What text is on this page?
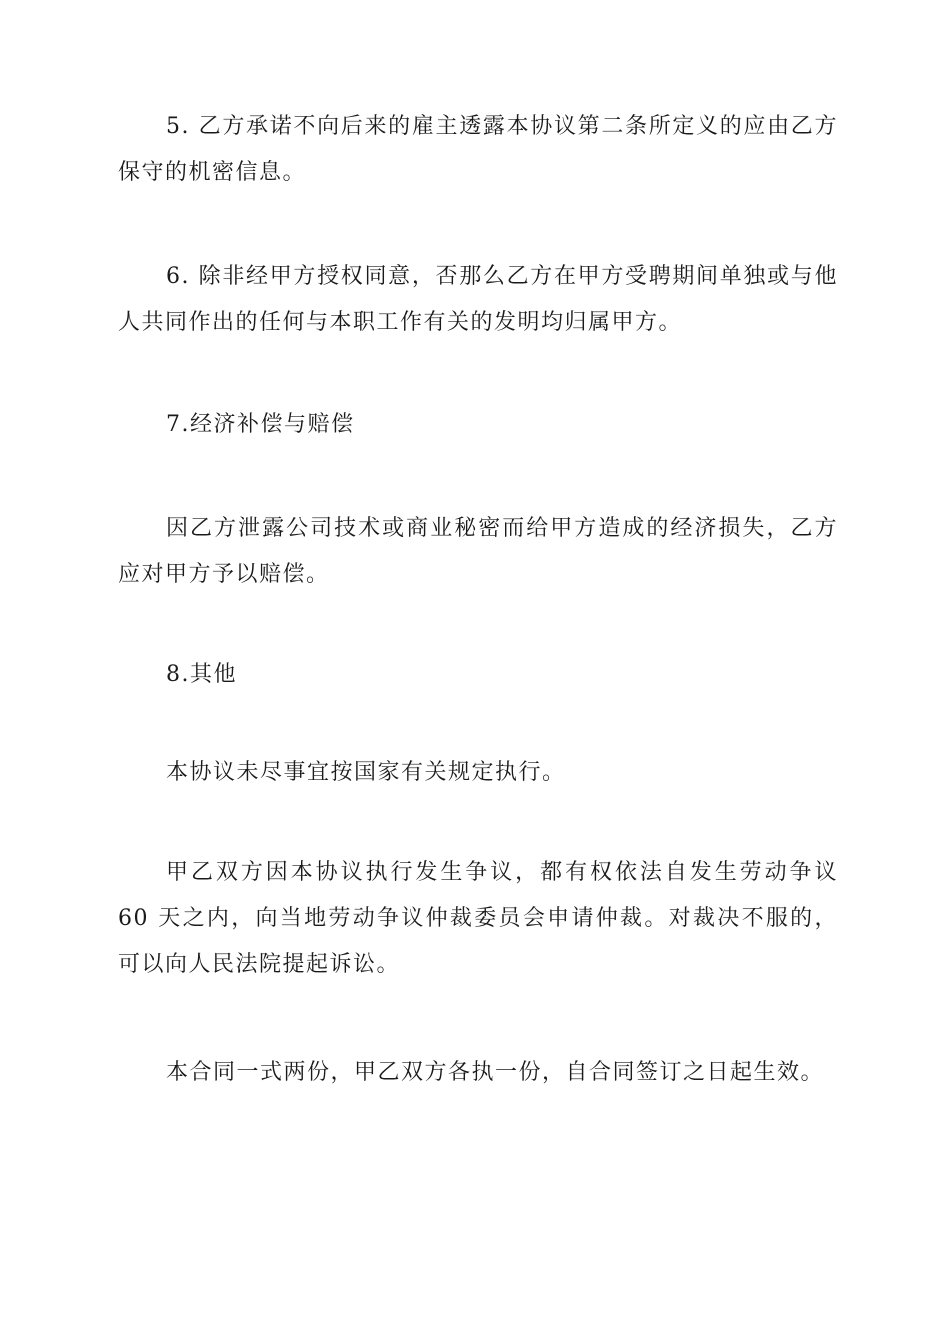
5. 乙方承诺不向后来的雇主透露本协议第二条所定义的应由乙方保守的机密信息。

6. 除非经甲方授权同意，否那么乙方在甲方受聘期间单独或与他人共同作出的任何与本职工作有关的发明均归属甲方。

7.经济补偿与赔偿

因乙方泄露公司技术或商业秘密而给甲方造成的经济损失，乙方应对甲方予以赔偿。

8.其他

本协议未尽事宜按国家有关规定执行。

甲乙双方因本协议执行发生争议，都有权依法自发生劳动争议 60 天之内，向当地劳动争议仲裁委员会申请仲裁。对裁决不服的，可以向人民法院提起诉讼。

本合同一式两份，甲乙双方各执一份，自合同签订之日起生效。
